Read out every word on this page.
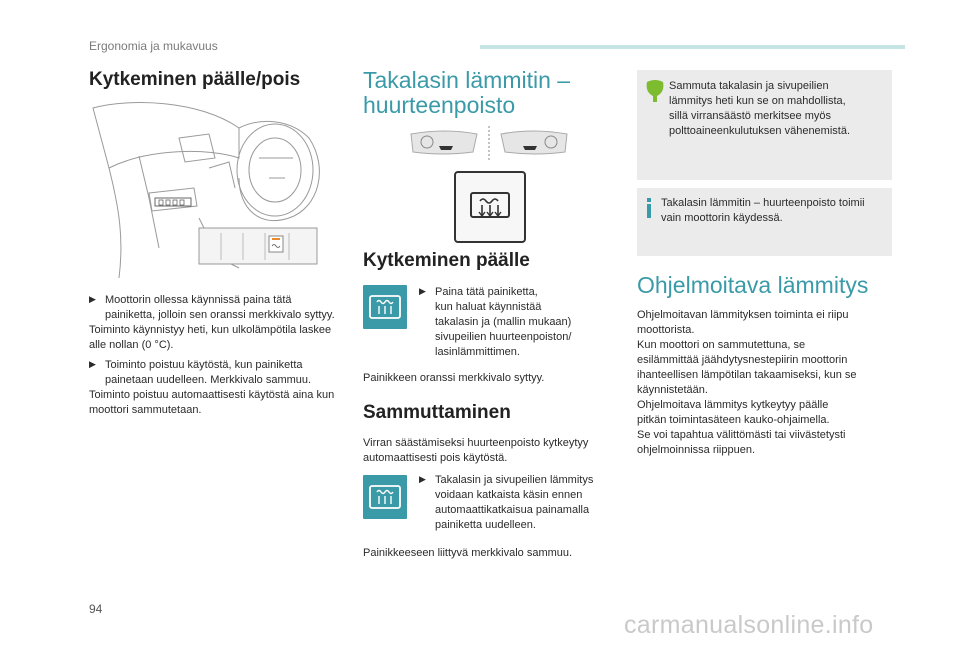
Ergonomia ja mukavuus
Kytkeminen päälle/pois
▶ Moottorin ollessa käynnissä paina tätä painiketta, jolloin sen oranssi merkkivalo syttyy.

Toiminto käynnistyy heti, kun ulkolämpötila laskee alle nollan (0 °C).

▶ Toiminto poistuu käytöstä, kun painiketta painetaan uudelleen. Merkkivalo sammuu.

Toiminto poistuu automaattisesti käytöstä aina kun moottori sammutetaan.

Takalasin lämmitin –
huurteenpoisto
Kytkeminen päälle
▶ Paina tätä painiketta,
kun haluat käynnistää
takalasin ja (mallin mukaan)
sivupeilien huurteenpoiston/
lasinlämmittimen.

Painikkeen oranssi merkkivalo syttyy.

Sammuttaminen

Virran säästämiseksi huurteenpoisto kytkeytyy automaattisesti pois käytöstä.

▶ Takalasin ja sivupeilien lämmitys
voidaan katkaista käsin ennen
automaattikatkaisua painamalla
painiketta uudelleen.

Painikkeeseen liittyvä merkkivalo sammuu.

Sammuta takalasin ja sivupeilien
lämmitys heti kun se on mahdollista,
sillä virransäästö merkitsee myös
polttoaineenkulutuksen vähenemistä.

Takalasin lämmitin – huurteenpoisto toimii
vain moottorin käydessä.

Ohjelmoitava lämmitys

Ohjelmoitavan lämmityksen toiminta ei riipu
moottorista.
Kun moottori on sammutettuna, se
esilämmittää jäähdytysnestepiirin moottorin
ihanteellisen lämpötilan takaamiseksi, kun se
käynnistetään.
Ohjelmoitava lämmitys kytkeytyy päälle
pitkän toimintasäteen kauko-ohjaimella.
Se voi tapahtua välittömästi tai viivästetysti
ohjelmoinnissa riippuen.

94
carmanualsonline.info
